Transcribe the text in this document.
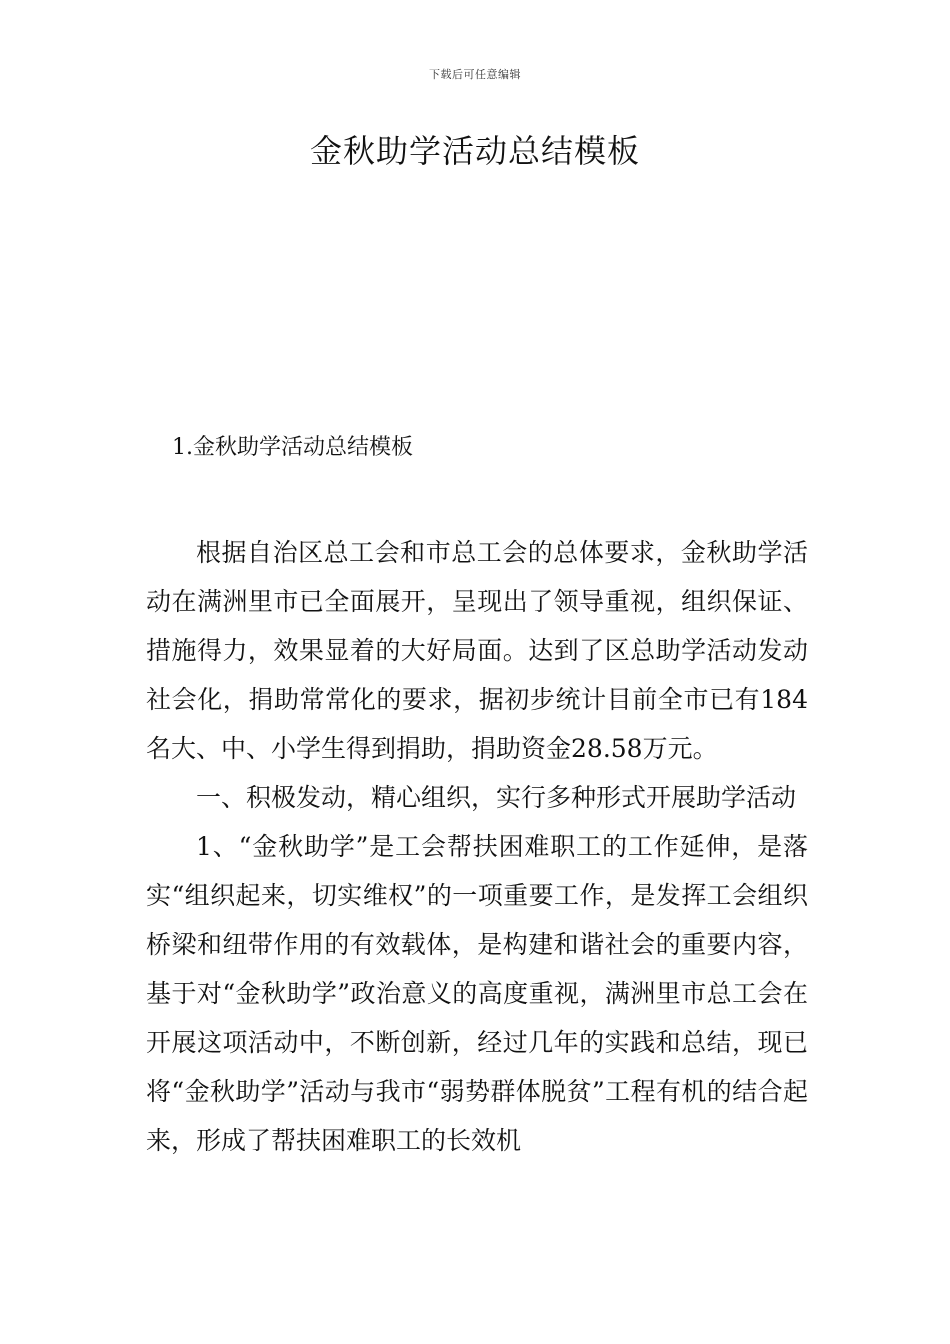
下载后可任意编辑
金秋助学活动总结模板
1.金秋助学活动总结模板

根据自治区总工会和市总工会的总体要求，金秋助学活动在满洲里市已全面展开，呈现出了领导重视，组织保证、措施得力，效果显着的大好局面。达到了区总助学活动发动社会化，捐助常常化的要求，据初步统计目前全市已有184名大、中、小学生得到捐助，捐助资金28.58万元。

一、积极发动，精心组织，实行多种形式开展助学活动

1、“金秋助学”是工会帮扶困难职工的工作延伸，是落实“组织起来，切实维权”的一项重要工作，是发挥工会组织桥梁和纽带作用的有效载体，是构建和谐社会的重要内容，基于对“金秋助学”政治意义的高度重视，满洲里市总工会在开展这项活动中，不断创新，经过几年的实践和总结，现已将“金秋助学”活动与我市“弱势群体脱贫”工程有机的结合起来，形成了帮扶困难职工的长效机
